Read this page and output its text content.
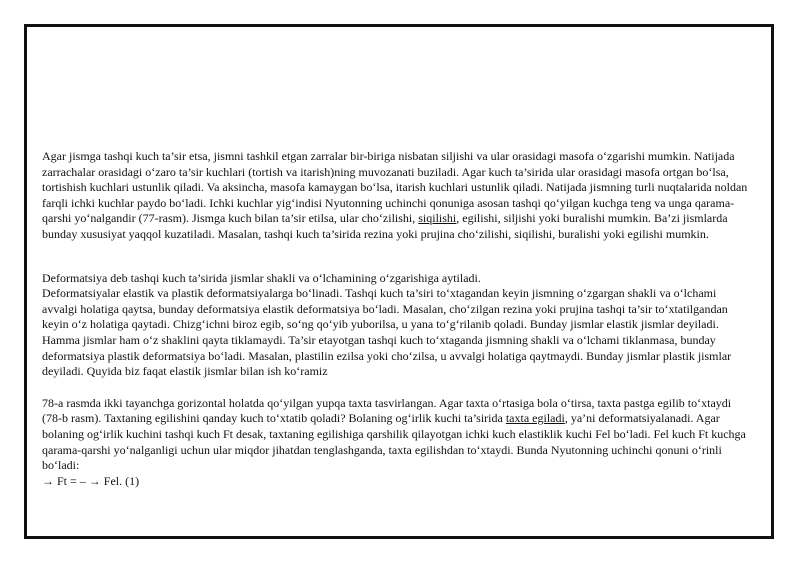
Agar jismga tashqi kuch ta’sir etsa, jismni tashkil etgan zarralar bir-biriga nisbatan siljishi va ular orasidagi masofa o‘zgarishi mumkin. Natijada zarrachalar orasidagi o‘zaro ta’sir kuchlari (tortish va itarish)ning muvozanati buziladi. Agar kuch ta’sirida ular orasidagi masofa ortgan bo‘lsa, tortishish kuchlari ustunlik qiladi. Va aksincha, masofa kamaygan bo‘lsa, itarish kuchlari ustunlik qiladi. Natijada jismning turli nuqtalarida noldan farqli ichki kuchlar paydo bo‘ladi. Ichki kuchlar yig‘indisi Nyutonning uchinchi qonuniga asosan tashqi qo‘yilgan kuchga teng va unga qarama-qarshi yo‘nalgandir (77-rasm). Jismga kuch bilan ta’sir etilsa, ular cho‘zilishi, siqilishi, egilishi, siljishi yoki buralishi mumkin. Ba’zi jismlarda bunday xususiyat yaqqol kuzatiladi. Masalan, tashqi kuch ta’sirida rezina yoki prujina cho‘zilishi, siqilishi, buralishi yoki egilishi mumkin.

Deformatsiya deb tashqi kuch ta’sirida jismlar shakli va o‘lchamining o‘zgarishiga aytiladi.

Deformatsiyalar elastik va plastik deformatsiyalarga bo‘linadi. Tashqi kuch ta’siri to‘xtagandan keyin jismning o‘zgargan shakli va o‘lchami avvalgi holatiga qaytsa, bunday deformatsiya elastik deformatsiya bo‘ladi. Masalan, cho‘zilgan rezina yoki prujina tashqi ta’sir to‘xtatilgandan keyin o‘z holatiga qaytadi. Chizg‘ichni biroz egib, so‘ng qo‘yib yuborilsa, u yana to‘g‘rilanib qoladi. Bunday jismlar elastik jismlar deyiladi. Hamma jismlar ham o‘z shaklini qayta tiklamaydi. Ta’sir etayotgan tashqi kuch to‘xtaganda jismning shakli va o‘lchami tiklanmasa, bunday deformatsiya plastik deformatsiya bo‘ladi. Masalan, plastilin ezilsa yoki cho‘zilsa, u avvalgi holatiga qaytmaydi. Bunday jismlar plastik jismlar deyiladi. Quyida biz faqat elastik jismlar bilan ish ko‘ramiz

78-a rasmda ikki tayanchga gorizontal holatda qo‘yilgan yupqa taxta tasvirlangan. Agar taxta o‘rtasiga bola o‘tirsa, taxta pastga egilib to‘xtaydi (78-b rasm). Taxtaning egilishini qanday kuch to‘xtatib qoladi? Bolaning og‘irlik kuchi ta’sirida taxta egiladi, ya’ni deformatsiyalanadi. Agar bolaning og‘irlik kuchini tashqi kuch Ft desak, taxtaning egilishiga qarshilik qilayotgan ichki kuch elastiklik kuchi Fel bo‘ladi. Fel kuch Ft kuchga qarama-qarshi yo‘nalganligi uchun ular miqdor jihatdan tenglashganda, taxta egilishdan to‘xtaydi. Bunda Nyutonning uchinchi qonuni o‘rinli bo‘ladi:

→ Ft = – → Fel. (1)
